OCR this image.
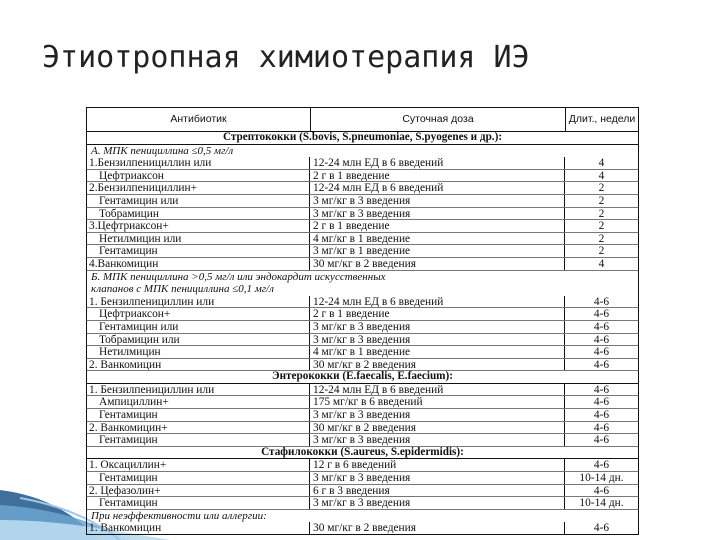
Этиотропная химиотерапия ИЭ
Антибиотик	Суточная доза	Длит., недели
Стрептококки (S.bovis, S.pneumoniae, S.pyogenes и др.):
А. МПК пенициллина ≤0,5 мг/л
1.Бензилпенициллин или	12-24 млн ЕД в 6 введений	4
Цефтриаксон	2 г в 1 введение	4
2.Бензилпенициллин+	12-24 млн ЕД в 6 введений	2
Гентамицин или	3 мг/кг в 3 введения	2
Тобрамицин	3 мг/кг в 3 введения	2
3.Цефтриаксон+	2 г в 1 введение	2
Нетилмицин или	4 мг/кг в 1 введение	2
Гентамицин	3 мг/кг в 1 введение	2
4.Ванкомицин	30 мг/кг в 2 введения	4
Б. МПК пенициллина >0,5 мг/л или эндокардит искусственных
клапанов с МПК пенициллина ≤0,1 мг/л
1. Бензилпенициллин или	12-24 млн ЕД в 6 введений	4-6
Цефтриаксон+	2 г в 1 введение	4-6
Гентамицин или	3 мг/кг в 3 введения	4-6
Тобрамицин или	3 мг/кг в 3 введения	4-6
Нетилмицин	4 мг/кг в 1 введение	4-6
2. Ванкомицин	30 мг/кг в 2 введения	4-6
Энтерококки (E.faecalis, E.faecium):
1. Бензилпенициллин или	12-24 млн ЕД в 6 введений	4-6
Ампициллин+	175 мг/кг в 6 введений	4-6
Гентамицин	3 мг/кг в 3 введения	4-6
2. Ванкомицин+	30 мг/кг в 2 введения	4-6
Гентамицин	3 мг/кг в 3 введения	4-6
Стафилококки (S.aureus, S.epidermidis):
1. Оксациллин+	12 г в 6 введений	4-6
Гентамицин	3 мг/кг в 3 введения	10-14 дн.
2. Цефазолин+	6 г в 3 введения	4-6
Гентамицин	3 мг/кг в 3 введения	10-14 дн.
При неэффективности или аллергии:
1. Ванкомицин	30 мг/кг в 2 введения	4-6
